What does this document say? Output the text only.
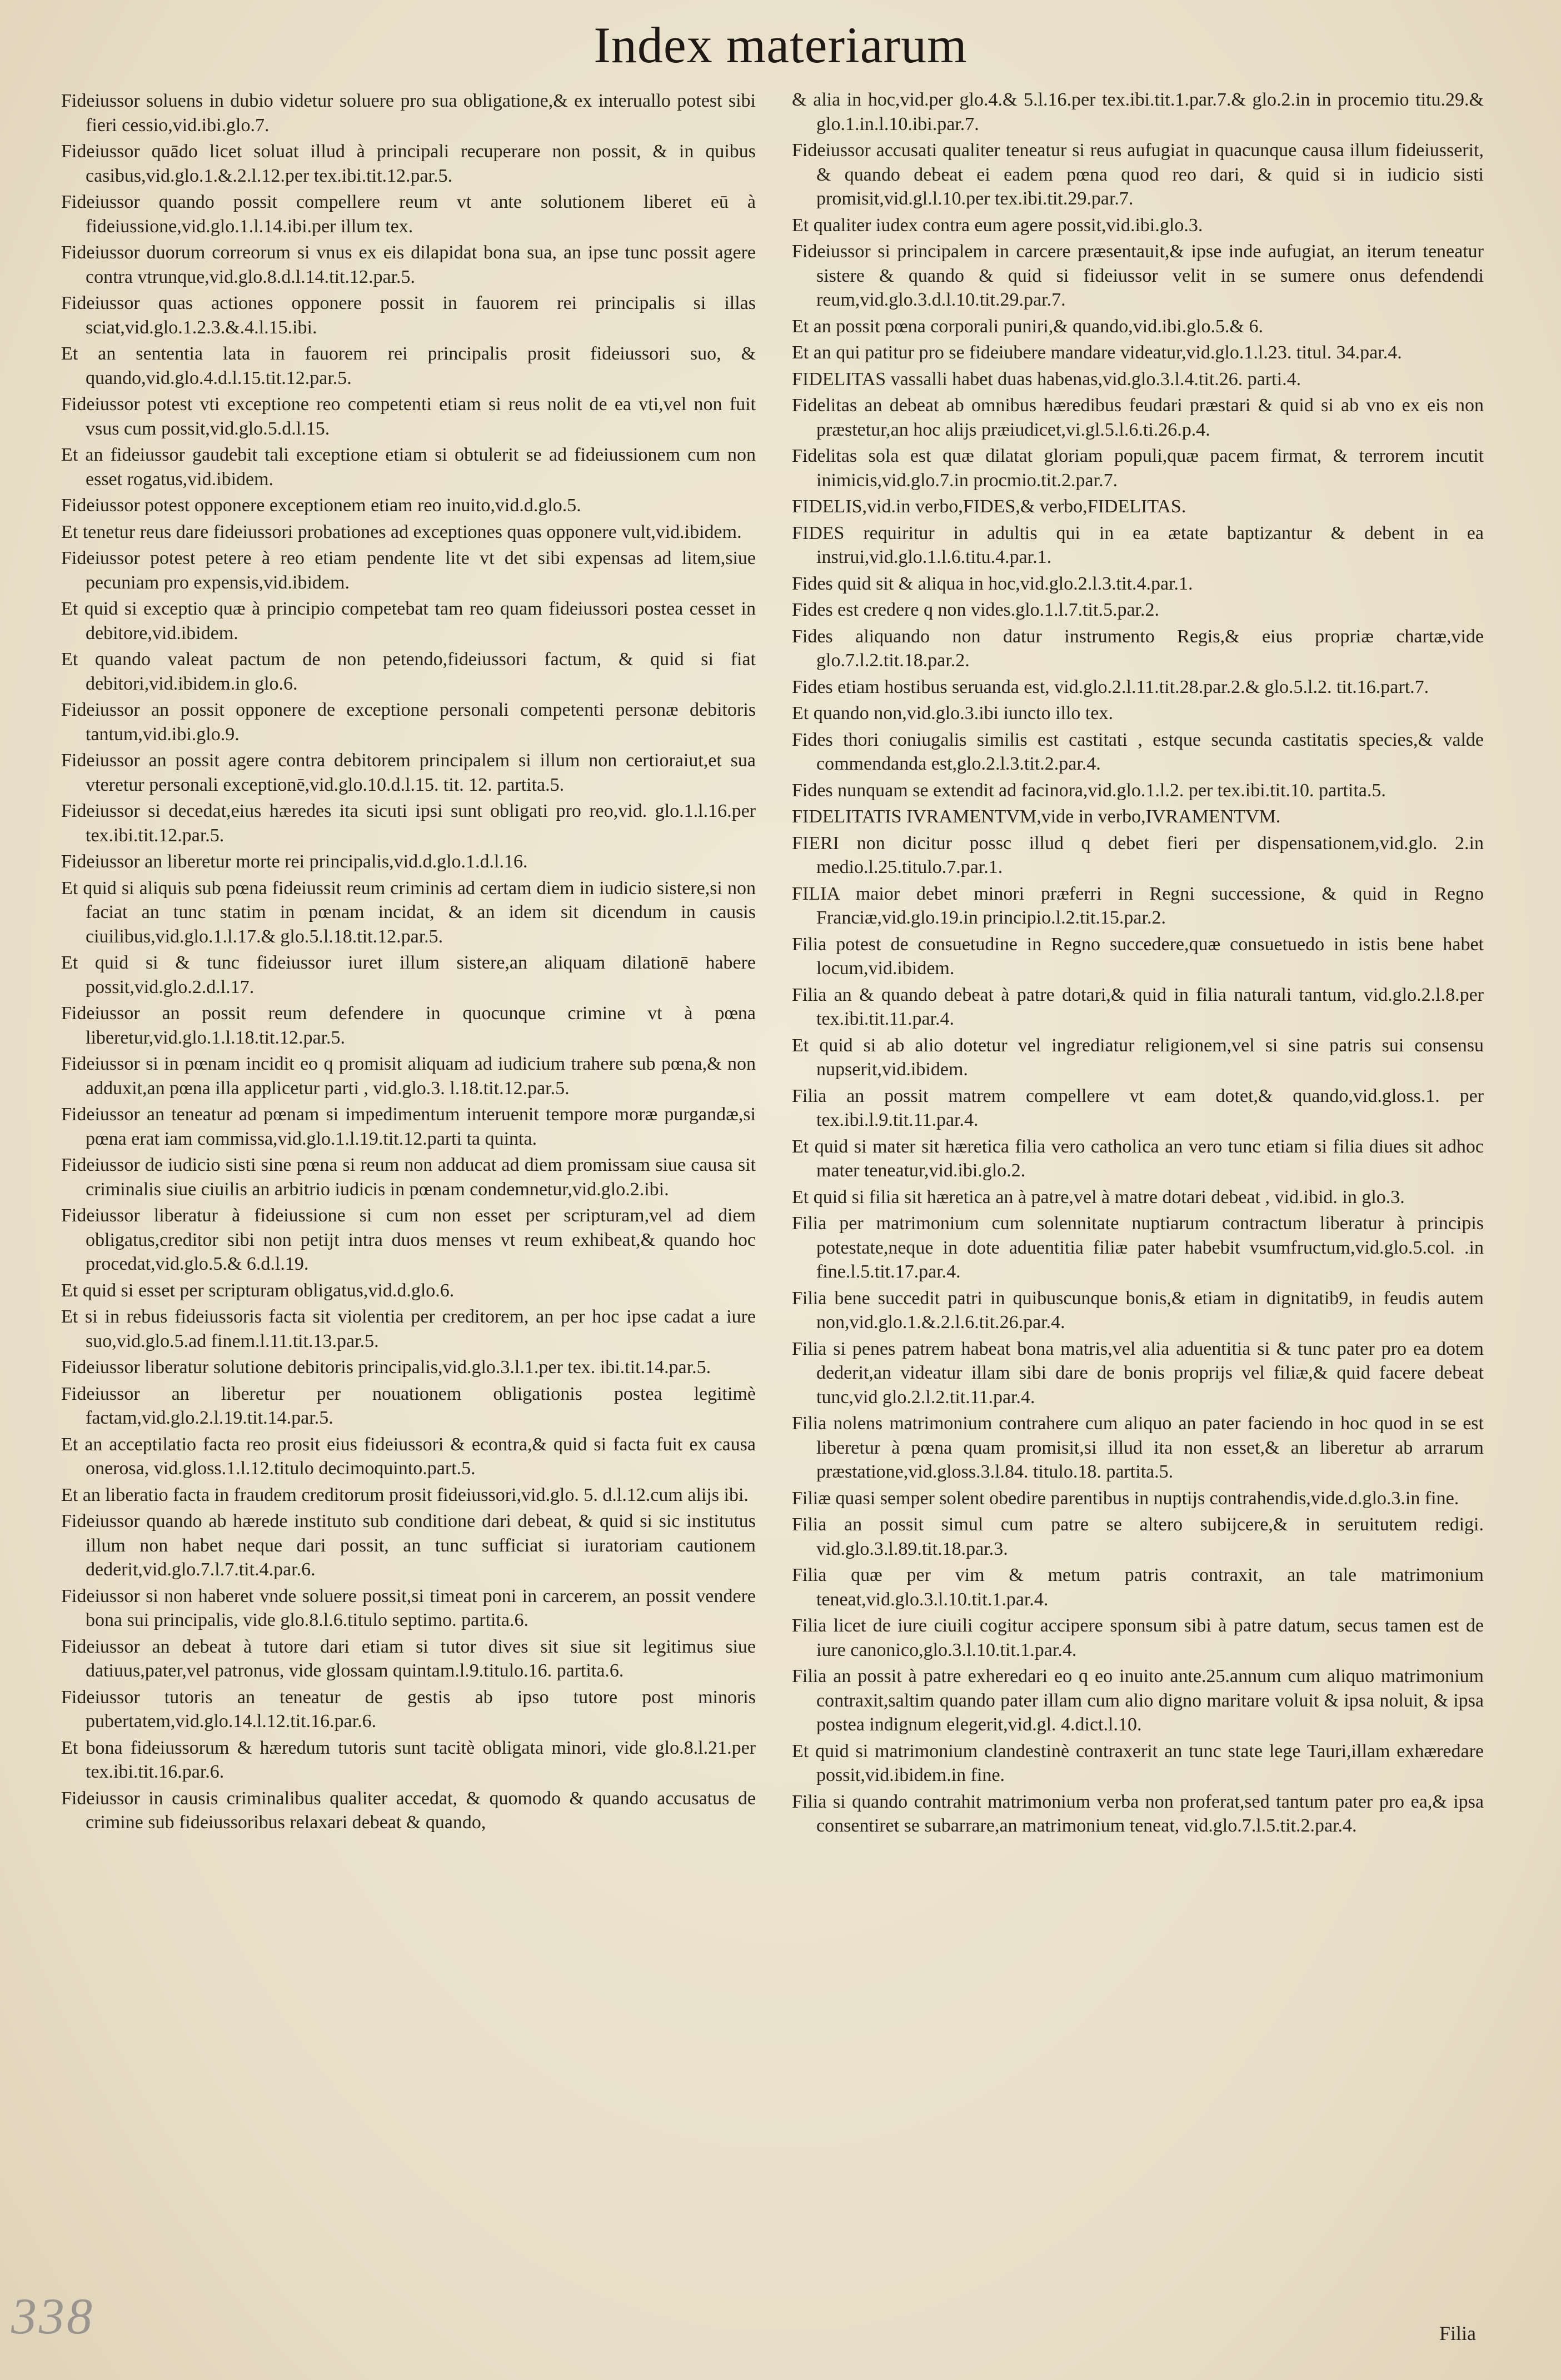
Index materiarum

Fideiussor soluens in dubio videtur soluere pro sua obligatione,& ex interuallo potest sibi fieri cessio,vid.ibi.glo.7.

Fideiussor quādo licet soluat illud à principali recuperare non possit, & in quibus casibus,vid.glo.1.&.2.l.12.per tex.ibi.tit.12.par.5.

Fideiussor quando possit compellere reum vt ante solutionem liberet eū à fideiussione,vid.glo.1.l.14.ibi.per illum tex.

Fideiussor duorum correorum si vnus ex eis dilapidat bona sua, an ipse tunc possit agere contra vtrunque,vid.glo.8.d.l.14.tit.12.par.5.

Fideiussor quas actiones opponere possit in fauorem rei principalis si illas sciat,vid.glo.1.2.3.&.4.l.15.ibi.

Et an sententia lata in fauorem rei principalis prosit fideiussori suo, & quando,vid.glo.4.d.l.15.tit.12.par.5.

Fideiussor potest vti exceptione reo competenti etiam si reus nolit de ea vti,vel non fuit vsus cum possit,vid.glo.5.d.l.15.

Et an fideiussor gaudebit tali exceptione etiam si obtulerit se ad fideiussionem cum non esset rogatus,vid.ibidem.

Fideiussor potest opponere exceptionem etiam reo inuito,vid.d.glo.5.

Et tenetur reus dare fideiussori probationes ad exceptiones quas opponere vult,vid.ibidem.

Fideiussor potest petere à reo etiam pendente lite vt det sibi expensas ad litem,siue pecuniam pro expensis,vid.ibidem.

Et quid si exceptio quæ à principio competebat tam reo quam fideiussori postea cesset in debitore,vid.ibidem.

Et quando valeat pactum de non petendo,fideiussori factum, & quid si fiat debitori,vid.ibidem.in glo.6.

Fideiussor an possit opponere de exceptione personali competenti personæ debitoris tantum,vid.ibi.glo.9.

Fideiussor an possit agere contra debitorem principalem si illum non certioraiut,et sua vteretur personali exceptionē,vid.glo.10.d.l.15. tit. 12. partita.5.

Fideiussor si decedat,eius hæredes ita sicuti ipsi sunt obligati pro reo,vid. glo.1.l.16.per tex.ibi.tit.12.par.5.

Fideiussor an liberetur morte rei principalis,vid.d.glo.1.d.l.16.

Et quid si aliquis sub pœna fideiussit reum criminis ad certam diem in iudicio sistere,si non faciat an tunc statim in pœnam incidat, & an idem sit dicendum in causis ciuilibus,vid.glo.1.l.17.& glo.5.l.18.tit.12.par.5.

Et quid si & tunc fideiussor iuret illum sistere,an aliquam dilationē habere possit,vid.glo.2.d.l.17.

Fideiussor an possit reum defendere in quocunque crimine vt à pœna liberetur,vid.glo.1.l.18.tit.12.par.5.

Fideiussor si in pœnam incidit eo q promisit aliquam ad iudicium trahere sub pœna,& non adduxit,an pœna illa applicetur parti , vid.glo.3. l.18.tit.12.par.5.

Fideiussor an teneatur ad pœnam si impedimentum interuenit tempore moræ purgandæ,si pœna erat iam commissa,vid.glo.1.l.19.tit.12.parti ta quinta.

Fideiussor de iudicio sisti sine pœna si reum non adducat ad diem promissam siue causa sit criminalis siue ciuilis an arbitrio iudicis in pœnam condemnetur,vid.glo.2.ibi.

Fideiussor liberatur à fideiussione si cum non esset per scripturam,vel ad diem obligatus,creditor sibi non petijt intra duos menses vt reum exhibeat,& quando hoc procedat,vid.glo.5.& 6.d.l.19.

Et quid si esset per scripturam obligatus,vid.d.glo.6.

Et si in rebus fideiussoris facta sit violentia per creditorem, an per hoc ipse cadat a iure suo,vid.glo.5.ad finem.l.11.tit.13.par.5.

Fideiussor liberatur solutione debitoris principalis,vid.glo.3.l.1.per tex. ibi.tit.14.par.5.

Fideiussor an liberetur per nouationem obligationis postea legitimè factam,vid.glo.2.l.19.tit.14.par.5.

Et an acceptilatio facta reo prosit eius fideiussori & econtra,& quid si facta fuit ex causa onerosa, vid.gloss.1.l.12.titulo decimoquinto.part.5.

Et an liberatio facta in fraudem creditorum prosit fideiussori,vid.glo. 5. d.l.12.cum alijs ibi.

Fideiussor quando ab hærede instituto sub conditione dari debeat, & quid si sic institutus illum non habet neque dari possit, an tunc sufficiat si iuratoriam cautionem dederit,vid.glo.7.l.7.tit.4.par.6.

Fideiussor si non haberet vnde soluere possit,si timeat poni in carcerem, an possit vendere bona sui principalis, vide glo.8.l.6.titulo septimo. partita.6.

Fideiussor an debeat à tutore dari etiam si tutor dives sit siue sit legitimus siue datiuus,pater,vel patronus, vide glossam quintam.l.9.titulo.16. partita.6.

Fideiussor tutoris an teneatur de gestis ab ipso tutore post minoris pubertatem,vid.glo.14.l.12.tit.16.par.6.

Et bona fideiussorum & hæredum tutoris sunt tacitè obligata minori, vide glo.8.l.21.per tex.ibi.tit.16.par.6.

Fideiussor in causis criminalibus qualiter accedat, & quomodo & quando accusatus de crimine sub fideiussoribus relaxari debeat & quando,

& alia in hoc,vid.per glo.4.& 5.l.16.per tex.ibi.tit.1.par.7.& glo.2.in in procemio titu.29.& glo.1.in.l.10.ibi.par.7.

Fideiussor accusati qualiter teneatur si reus aufugiat in quacunque causa illum fideiusserit, & quando debeat ei eadem pœna quod reo dari, & quid si in iudicio sisti promisit,vid.gl.l.10.per tex.ibi.tit.29.par.7.

Et qualiter iudex contra eum agere possit,vid.ibi.glo.3.

Fideiussor si principalem in carcere præsentauit,& ipse inde aufugiat, an iterum teneatur sistere & quando & quid si fideiussor velit in se sumere onus defendendi reum,vid.glo.3.d.l.10.tit.29.par.7.

Et an possit pœna corporali puniri,& quando,vid.ibi.glo.5.& 6.

Et an qui patitur pro se fideiubere mandare videatur,vid.glo.1.l.23. titul. 34.par.4.

FIDELITAS vassalli habet duas habenas,vid.glo.3.l.4.tit.26. parti.4.

Fidelitas an debeat ab omnibus hæredibus feudari præstari & quid si ab vno ex eis non præstetur,an hoc alijs præiudicet,vi.gl.5.l.6.ti.26.p.4.

Fidelitas sola est quæ dilatat gloriam populi,quæ pacem firmat, & terrorem incutit inimicis,vid.glo.7.in procmio.tit.2.par.7.

FIDELIS,vid.in verbo,FIDES,& verbo,FIDELITAS.

FIDES requiritur in adultis qui in ea ætate baptizantur & debent in ea instrui,vid.glo.1.l.6.titu.4.par.1.

Fides quid sit & aliqua in hoc,vid.glo.2.l.3.tit.4.par.1.

Fides est credere q non vides.glo.1.l.7.tit.5.par.2.

Fides aliquando non datur instrumento Regis,& eius propriæ chartæ,vide glo.7.l.2.tit.18.par.2.

Fides etiam hostibus seruanda est, vid.glo.2.l.11.tit.28.par.2.& glo.5.l.2. tit.16.part.7.

Et quando non,vid.glo.3.ibi iuncto illo tex.

Fides thori coniugalis similis est castitati , estque secunda castitatis species,& valde commendanda est,glo.2.l.3.tit.2.par.4.

Fides nunquam se extendit ad facinora,vid.glo.1.l.2. per tex.ibi.tit.10. partita.5.

FIDELITATIS IVRAMENTVM,vide in verbo,IVRAMENTVM.

FIERI non dicitur possc illud q debet fieri per dispensationem,vid.glo. 2.in medio.l.25.titulo.7.par.1.

FILIA maior debet minori præferri in Regni successione, & quid in Regno Franciæ,vid.glo.19.in principio.l.2.tit.15.par.2.

Filia potest de consuetudine in Regno succedere,quæ consuetuedo in istis bene habet locum,vid.ibidem.

Filia an & quando debeat à patre dotari,& quid in filia naturali tantum, vid.glo.2.l.8.per tex.ibi.tit.11.par.4.

Et quid si ab alio dotetur vel ingrediatur religionem,vel si sine patris sui consensu nupserit,vid.ibidem.

Filia an possit matrem compellere vt eam dotet,& quando,vid.gloss.1. per tex.ibi.l.9.tit.11.par.4.

Et quid si mater sit hæretica filia vero catholica an vero tunc etiam si filia diues sit adhoc mater teneatur,vid.ibi.glo.2.

Et quid si filia sit hæretica an à patre,vel à matre dotari debeat , vid.ibid. in glo.3.

Filia per matrimonium cum solennitate nuptiarum contractum liberatur à principis potestate,neque in dote aduentitia filiæ pater habebit vsumfructum,vid.glo.5.col. .in fine.l.5.tit.17.par.4.

Filia bene succedit patri in quibuscunque bonis,& etiam in dignitatib9, in feudis autem non,vid.glo.1.&.2.l.6.tit.26.par.4.

Filia si penes patrem habeat bona matris,vel alia aduentitia si & tunc pater pro ea dotem dederit,an videatur illam sibi dare de bonis proprijs vel filiæ,& quid facere debeat tunc,vid glo.2.l.2.tit.11.par.4.

Filia nolens matrimonium contrahere cum aliquo an pater faciendo in hoc quod in se est liberetur à pœna quam promisit,si illud ita non esset,& an liberetur ab arrarum præstatione,vid.gloss.3.l.84. titulo.18. partita.5.

Filiæ quasi semper solent obedire parentibus in nuptijs contrahendis,vide.d.glo.3.in fine.

Filia an possit simul cum patre se altero subijcere,& in seruitutem redigi. vid.glo.3.l.89.tit.18.par.3.

Filia quæ per vim & metum patris contraxit, an tale matrimonium teneat,vid.glo.3.l.10.tit.1.par.4.

Filia licet de iure ciuili cogitur accipere sponsum sibi à patre datum, secus tamen est de iure canonico,glo.3.l.10.tit.1.par.4.

Filia an possit à patre exheredari eo q eo inuito ante.25.annum cum aliquo matrimonium contraxit,saltim quando pater illam cum alio digno maritare voluit & ipsa noluit, & ipsa postea indignum elegerit,vid.gl. 4.dict.l.10.

Et quid si matrimonium clandestinè contraxerit an tunc state lege Tauri,illam exhæredare possit,vid.ibidem.in fine.

Filia si quando contrahit matrimonium verba non proferat,sed tantum pater pro ea,& ipsa consentiret se subarrare,an matrimonium teneat, vid.glo.7.l.5.tit.2.par.4.

Filia
338
